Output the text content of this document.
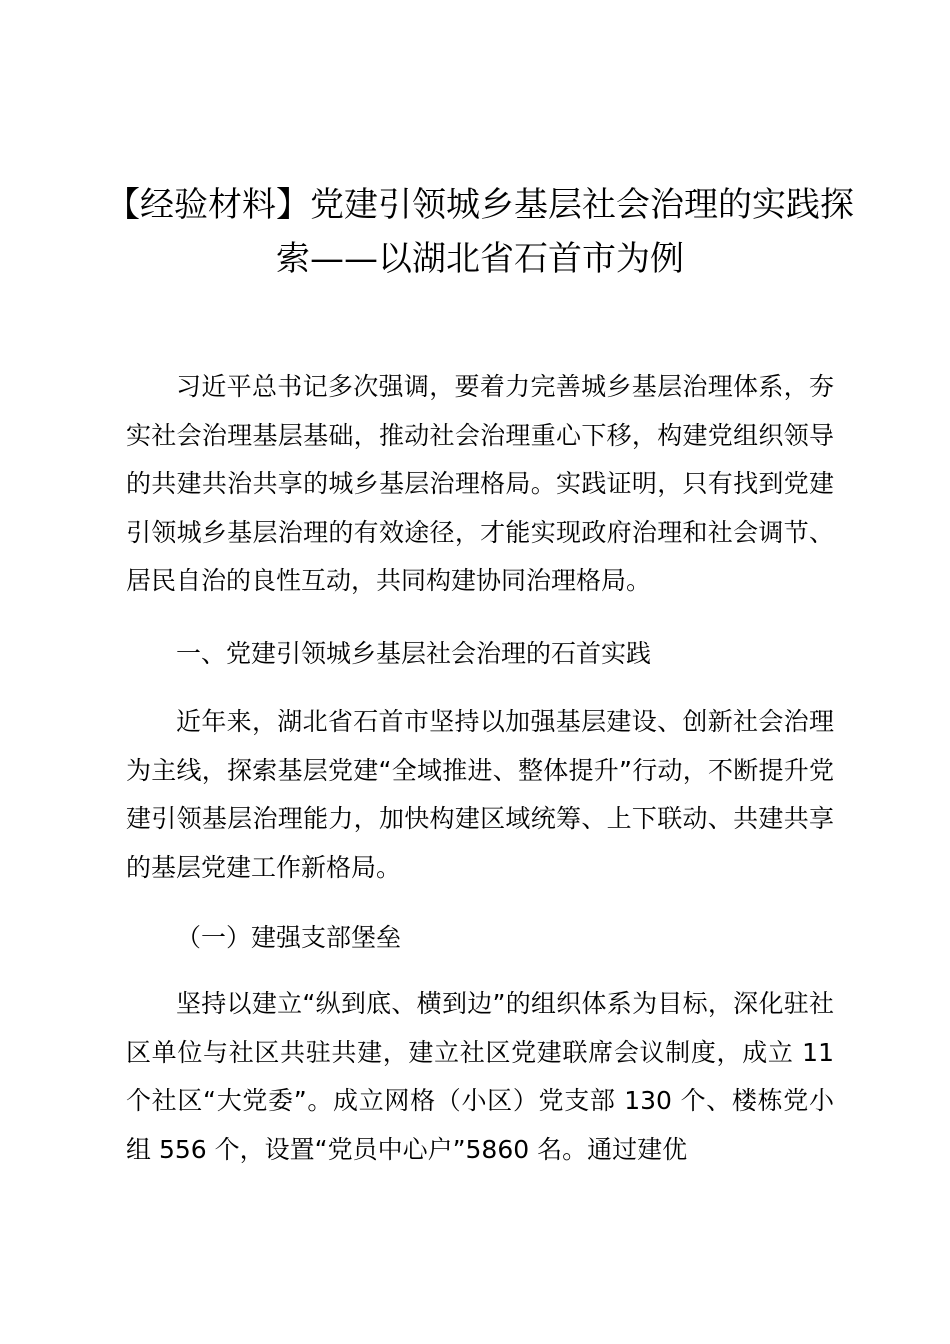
【经验材料】党建引领城乡基层社会治理的实践探索——以湖北省石首市为例

习近平总书记多次强调，要着力完善城乡基层治理体系，夯实社会治理基层基础，推动社会治理重心下移，构建党组织领导的共建共治共享的城乡基层治理格局。实践证明，只有找到党建引领城乡基层治理的有效途径，才能实现政府治理和社会调节、居民自治的良性互动，共同构建协同治理格局。

一、党建引领城乡基层社会治理的石首实践

近年来，湖北省石首市坚持以加强基层建设、创新社会治理为主线，探索基层党建“全域推进、整体提升”行动，不断提升党建引领基层治理能力，加快构建区域统筹、上下联动、共建共享的基层党建工作新格局。

（一）建强支部堡垒

坚持以建立“纵到底、横到边”的组织体系为目标，深化驻社区单位与社区共驻共建，建立社区党建联席会议制度，成立 11 个社区“大党委”。成立网格（小区）党支部 130 个、楼栋党小组 556 个，设置“党员中心户”5860 名。通过建优
